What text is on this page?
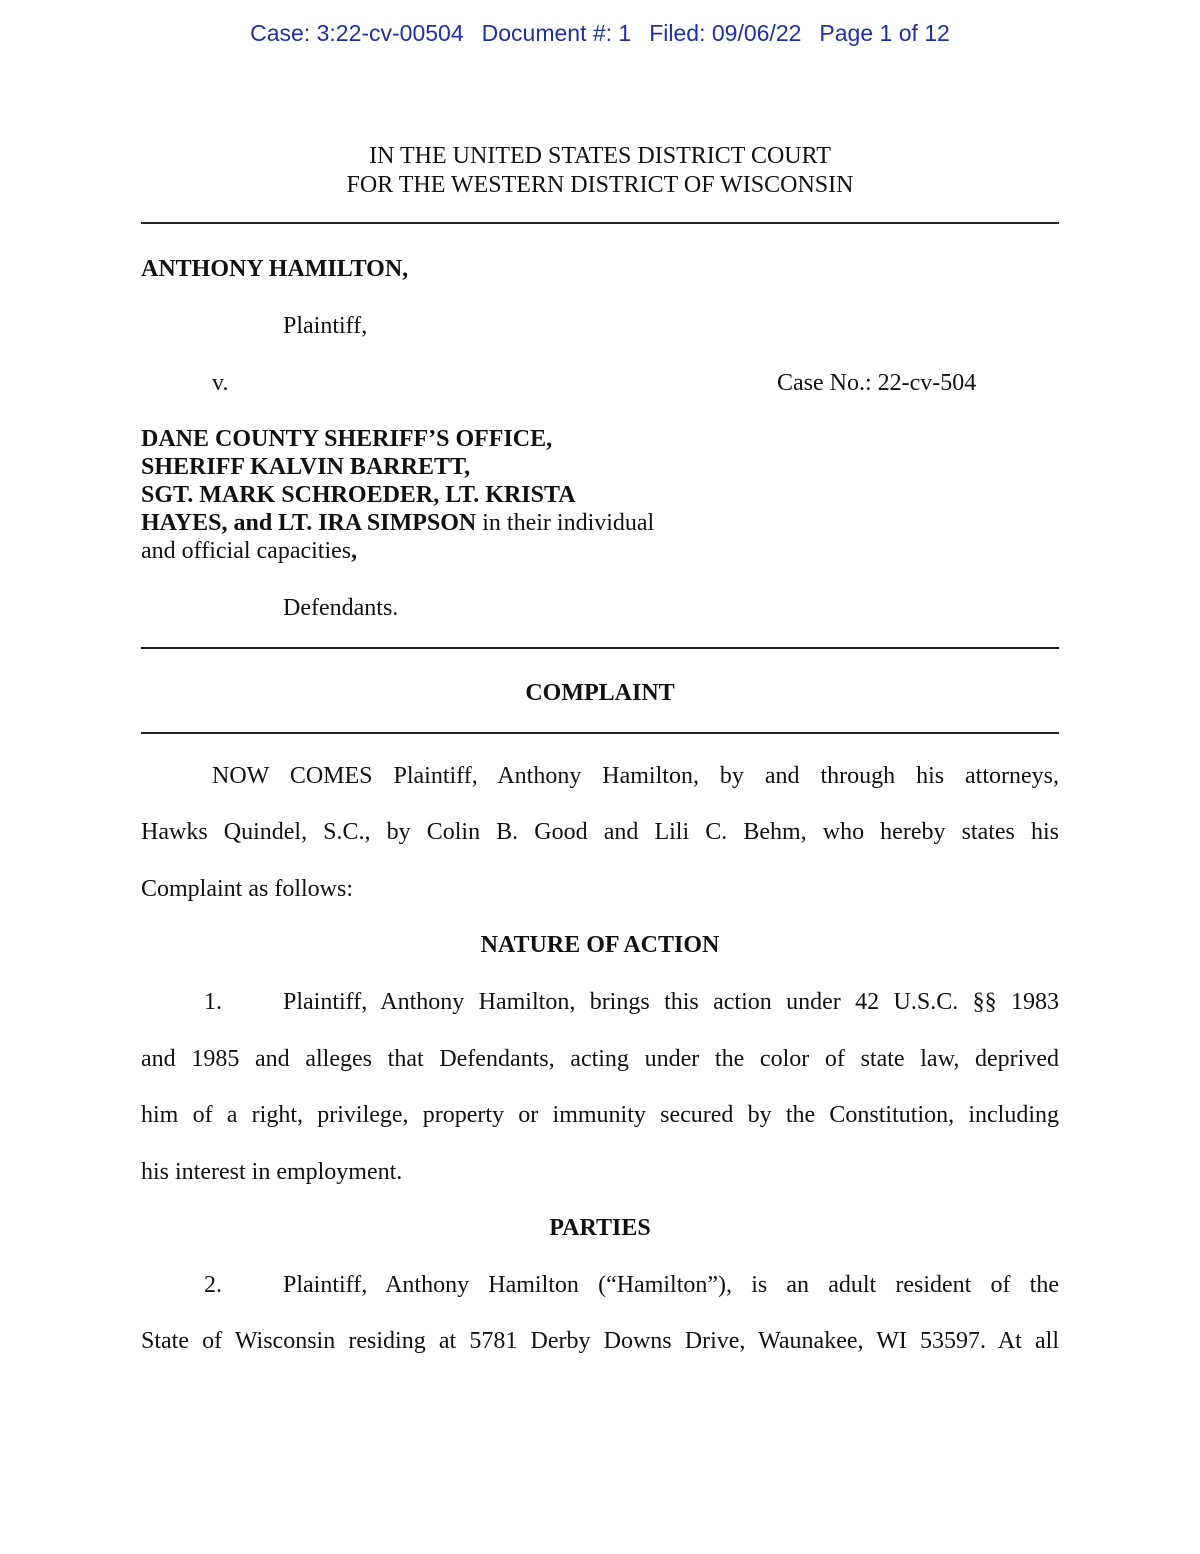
Case: 3:22-cv-00504 Document #: 1 Filed: 09/06/22 Page 1 of 12
IN THE UNITED STATES DISTRICT COURT
FOR THE WESTERN DISTRICT OF WISCONSIN
ANTHONY HAMILTON,
Plaintiff,
v.	Case No.: 22-cv-504
DANE COUNTY SHERIFF’S OFFICE,
SHERIFF KALVIN BARRETT,
SGT. MARK SCHROEDER, LT. KRISTA
HAYES, and LT. IRA SIMPSON in their individual
and official capacities,
Defendants.
COMPLAINT
NOW COMES Plaintiff, Anthony Hamilton, by and through his attorneys,
Hawks Quindel, S.C., by Colin B. Good and Lili C. Behm, who hereby states his
Complaint as follows:
NATURE OF ACTION
1.	Plaintiff, Anthony Hamilton, brings this action under 42 U.S.C. §§ 1983
and 1985 and alleges that Defendants, acting under the color of state law, deprived
him of a right, privilege, property or immunity secured by the Constitution, including
his interest in employment.
PARTIES
2.	Plaintiff, Anthony Hamilton (“Hamilton”), is an adult resident of the
State of Wisconsin residing at 5781 Derby Downs Drive, Waunakee, WI 53597. At all
